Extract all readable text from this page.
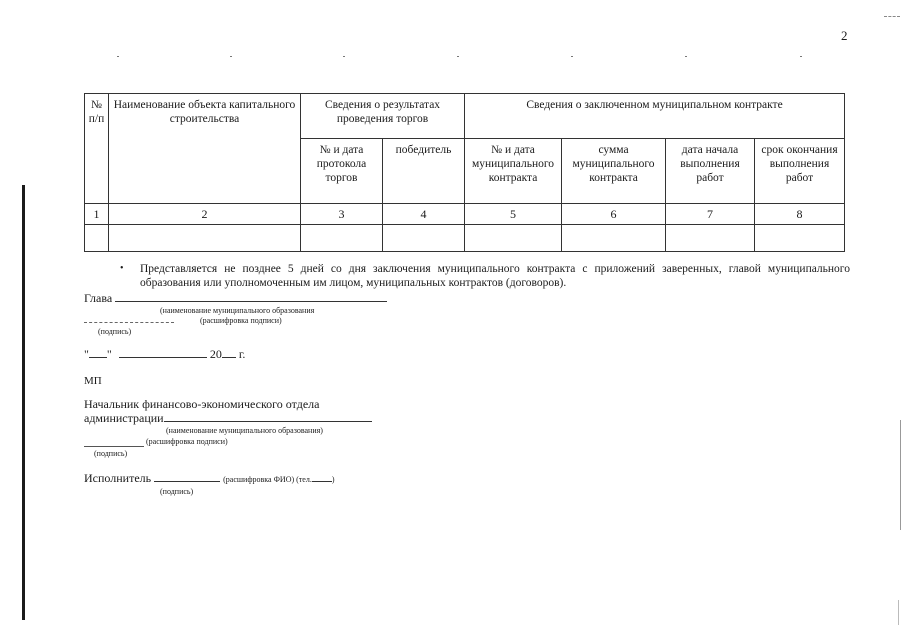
2
№ п/п	Наименование объекта капитального строительства	Сведения о результатах проведения торгов		Сведения о заключенном муниципальном контракте			
		№ и дата протокола торгов	победитель	№ и дата муниципального контракта	сумма муниципального контракта	дата начала выполнения работ	срок окончания выполнения работ
1	2	3	4	5	6	7	8

• Представляется не позднее 5 дней со дня заключения муниципального контракта с приложений заверенных, главой муниципального образования или уполномоченным им лицом, муниципальных контрактов (договоров).
Глава
(наименование муниципального образования
(расшифровка подписи)
(подпись)
" "	20 г.
МП
Начальник финансово-экономического отдела
администрации
(наименование муниципального образования)
(расшифровка подписи)
(подпись)
Исполнитель	(расшифровка ФИО) (тел.	)
(подпись)
